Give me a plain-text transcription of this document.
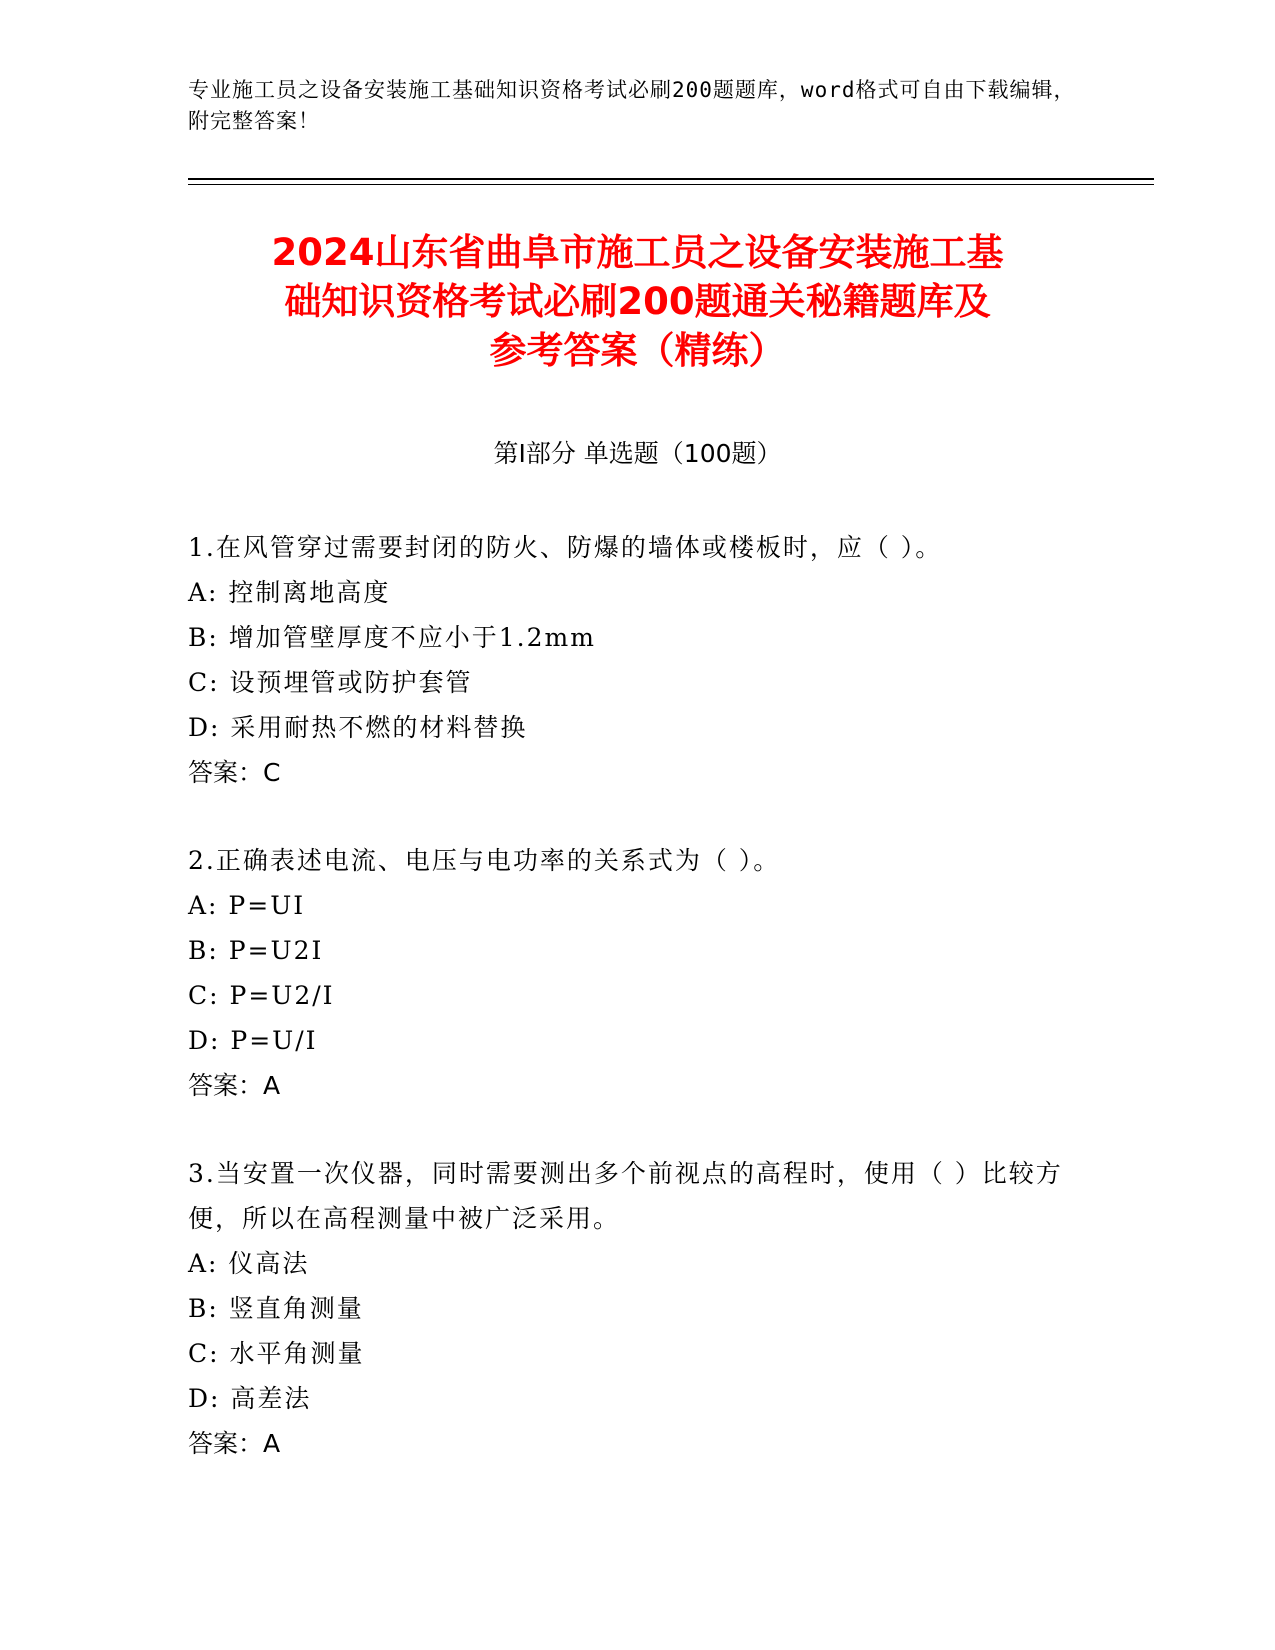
专业施工员之设备安装施工基础知识资格考试必刷200题题库，word格式可自由下载编辑，附完整答案！
2024山东省曲阜市施工员之设备安装施工基
础知识资格考试必刷200题通关秘籍题库及
参考答案（精练）
第Ⅰ部分 单选题（100题）
1.在风管穿过需要封闭的防火、防爆的墙体或楼板时，应（ ）。
A: 控制离地高度
B: 增加管壁厚度不应小于1.2mm
C: 设预埋管或防护套管
D: 采用耐热不燃的材料替换
答案：C
2.正确表述电流、电压与电功率的关系式为（ ）。
A: P=UI
B: P=U2I
C: P=U2/I
D: P=U/I
答案：A
3.当安置一次仪器，同时需要测出多个前视点的高程时，使用（ ）比较方便，所以在高程测量中被广泛采用。
A: 仪高法
B: 竖直角测量
C: 水平角测量
D: 高差法
答案：A
